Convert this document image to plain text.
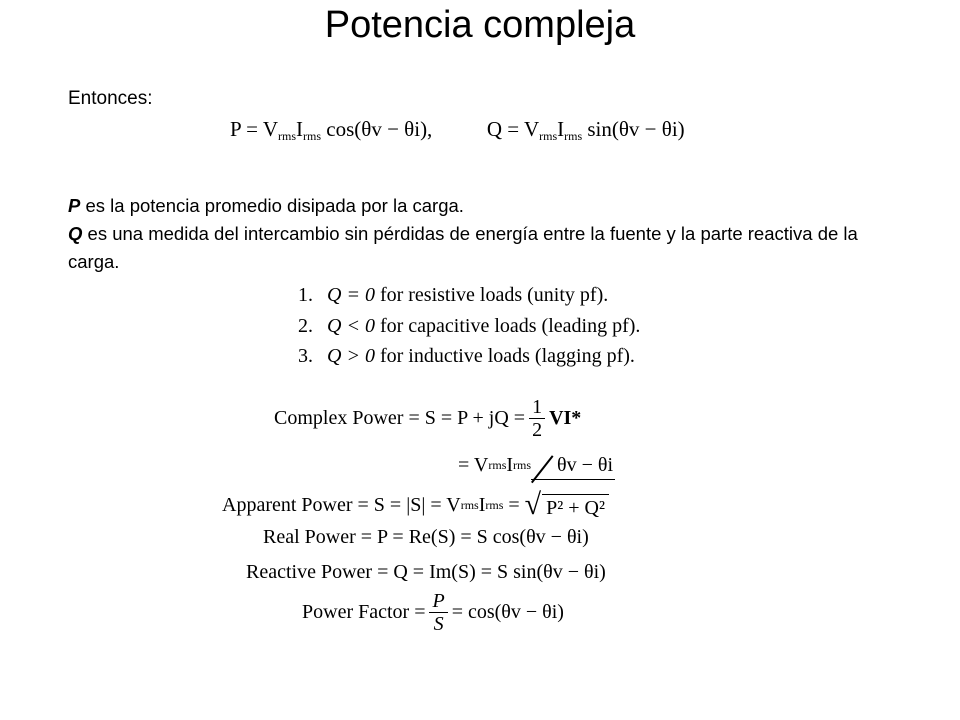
Potencia compleja
Entonces:
$P = V_{rms}I_{rms}$ cos(θv − θi),	$Q = V_{rms}I_{rms}$ sin(θv − θi)

P es la potencia promedio disipada por la carga.

Q es una medida del intercambio sin pérdidas de energía entre la fuente y la parte reactiva de la carga.

1. Q = 0 for resistive loads (unity pf).
2. Q < 0 for capacitive loads (leading pf).
3. Q > 0 for inductive loads (lagging pf).
Complex Power
= S = P + jQ = $\frac{1}{2} VI*$
= V rms I rms	θv − θi
Apparent Power
= S = |S| = V rms I rms
=
√ P² + Q²
Real Power
= P = Re(S) = S cos(θv − θi)
Reactive Power
= Q = Im(S) = S sin(θv − θi)
Power Factor
= $\frac{P}{S} = \cos(\theta v - \theta i)$
